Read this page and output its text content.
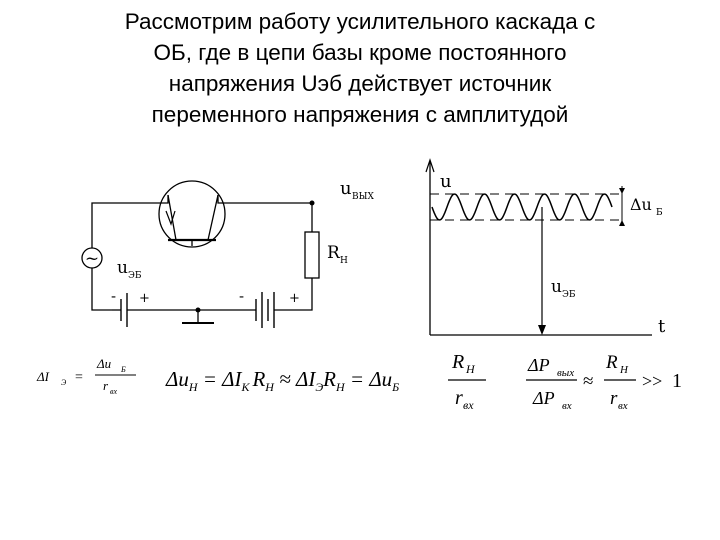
Рассмотрим работу усилительного каскада с
ОБ, где в цепи базы кроме постоянного
напряжения Uэб действует источник
переменного напряжения с амплитудой
~
u ВЫХ
R Н
u ЭБ
- +	-	+
u
t
Δu Б
u ЭБ
ΔI Э =
Δu Б
r вх
$\Delta u_Н = \Delta I_К$ $R_Н \approx \Delta I_ЭR_Н = \Delta u_Б$
R Н
r вх
ΔP вых
ΔP вх
≈
R Н
r вх
>> 1
